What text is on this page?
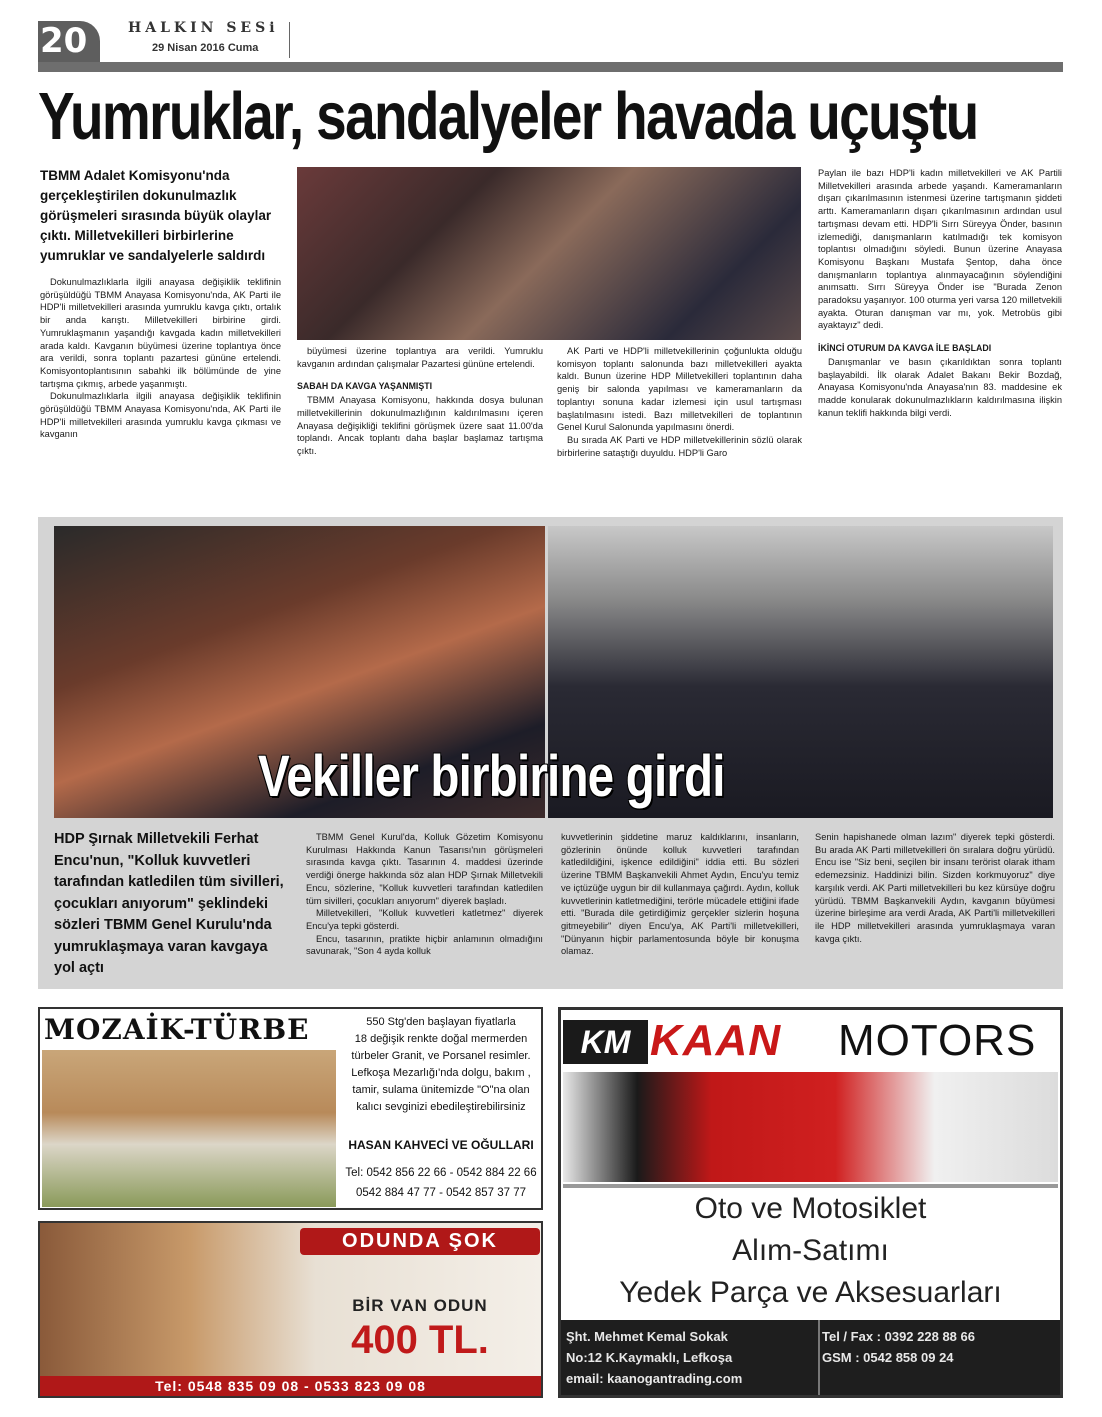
20	HALKIN SESi
29 Nisan 2016 Cuma
Yumruklar, sandalyeler havada uçuştu
TBMM Adalet Komisyonu'nda gerçekleştirilen dokunulmazlık görüşmeleri sırasında büyük olaylar çıktı. Milletvekilleri birbirlerine yumruklar ve sandalyelerle saldırdı

Dokunulmazlıklarla ilgili anayasa değişiklik teklifinin görüşüldüğü TBMM Anayasa Komisyonu'nda, AK Parti ile HDP'li milletvekilleri arasında yumruklu kavga çıktı, ortalık bir anda karıştı. Milletvekilleri birbirine girdi. Yumruklaşmanın yaşandığı kavgada kadın milletvekilleri arada kaldı. Kavganın büyümesi üzerine toplantıya önce ara verildi, sonra toplantı pazartesi gününe ertelendi. Komisyontoplantısının sabahki ilk bölümünde de yine tartışma çıkmış, arbede yaşanmıştı.

Dokunulmazlıklarla ilgili anayasa değişiklik teklifinin görüşüldüğü TBMM Anayasa Komisyonu'nda, AK Parti ile HDP'li milletvekilleri arasında yumruklu kavga çıkması ve kavganın

büyümesi üzerine toplantıya ara verildi. Yumruklu kavganın ardından çalışmalar Pazartesi gününe ertelendi.

SABAH DA KAVGA YAŞANMIŞTI

TBMM Anayasa Komisyonu, hakkında dosya bulunan milletvekillerinin dokunulmazlığının kaldırılmasını içeren Anayasa değişikliği teklifini görüşmek üzere saat 11.00'da toplandı. Ancak toplantı daha başlar başlamaz tartışma çıktı.

AK Parti ve HDP'li milletvekillerinin çoğunlukta olduğu komisyon toplantı salonunda bazı milletvekilleri ayakta kaldı. Bunun üzerine HDP Milletvekilleri toplantının daha geniş bir salonda yapılması ve kameramanların da toplantıyı sonuna kadar izlemesi için usul tartışması başlatılmasını istedi. Bazı milletvekilleri de toplantının Genel Kurul Salonunda yapılmasını önerdi.

Bu sırada AK Parti ve HDP milletvekillerinin sözlü olarak birbirlerine sataştığı duyuldu. HDP'li Garo

Paylan ile bazı HDP'li kadın milletvekilleri ve AK Partili Milletvekilleri arasında arbede yaşandı. Kameramanların dışarı çıkarılmasının istenmesi üzerine tartışmanın şiddeti arttı. Kameramanların dışarı çıkarılmasının ardından usul tartışması devam etti. HDP'li Sırrı Süreyya Önder, basının izlemediği, danışmanların katılmadığı tek komisyon toplantısı olmadığını söyledi. Bunun üzerine Anayasa Komisyonu Başkanı Mustafa Şentop, daha önce danışmanların toplantıya alınmayacağının söylendiğini anımsattı. Sırrı Süreyya Önder ise "Burada Zenon paradoksu yaşanıyor. 100 oturma yeri varsa 120 milletvekili ayakta. Oturan danışman var mı, yok. Metrobüs gibi ayaktayız" dedi.

İKİNCİ OTURUM DA KAVGA İLE BAŞLADI

Danışmanlar ve basın çıkarıldıktan sonra toplantı başlayabildi. İlk olarak Adalet Bakanı Bekir Bozdağ, Anayasa Komisyonu'nda Anayasa'nın 83. maddesine ek madde konularak dokunulmazlıkların kaldırılmasına ilişkin kanun teklifi hakkında bilgi verdi.

Vekiller birbirine girdi
HDP Şırnak Milletvekili Ferhat Encu'nun, "Kolluk kuvvetleri tarafından katledilen tüm sivilleri, çocukları anıyorum" şeklindeki sözleri TBMM Genel Kurulu'nda yumruklaşmaya varan kavgaya yol açtı

TBMM Genel Kurul'da, Kolluk Gözetim Komisyonu Kurulması Hakkında Kanun Tasarısı'nın görüşmeleri sırasında kavga çıktı. Tasarının 4. maddesi üzerinde verdiği önerge hakkında söz alan HDP Şırnak Milletvekili Encu, sözlerine, "Kolluk kuvvetleri tarafından katledilen tüm sivilleri, çocukları anıyorum" diyerek başladı.

Milletvekilleri, "Kolluk kuvvetleri katletmez" diyerek Encu'ya tepki gösterdi.

Encu, tasarının, pratikte hiçbir anlamının olmadığını savunarak, "Son 4 ayda kolluk

kuvvetlerinin şiddetine maruz kaldıklarını, insanların, gözlerinin önünde kolluk kuvvetleri tarafından katledildiğini, işkence edildiğini" iddia etti. Bu sözleri üzerine TBMM Başkanvekili Ahmet Aydın, Encu'yu temiz ve içtüzüğe uygun bir dil kullanmaya çağırdı. Aydın, kolluk kuvvetlerinin katletmediğini, terörle mücadele ettiğini ifade etti. "Burada dile getirdiğimiz gerçekler sizlerin hoşuna gitmeyebilir" diyen Encu'ya, AK Parti'li milletvekilleri, "Dünyanın hiçbir parlamentosunda böyle bir konuşma olamaz.

Senin hapishanede olman lazım" diyerek tepki gösterdi. Bu arada AK Parti milletvekilleri ön sıralara doğru yürüdü. Encu ise "Siz beni, seçilen bir insanı terörist olarak itham edemezsiniz. Haddinizi bilin. Sizden korkmuyoruz" diye karşılık verdi. AK Parti milletvekilleri bu kez kürsüye doğru yürüdü. TBMM Başkanvekili Aydın, kavganın büyümesi üzerine birleşime ara verdi Arada, AK Parti'li milletvekilleri ile HDP milletvekilleri arasında yumruklaşmaya varan kavga çıktı.

MOZAİK-TÜRBE	550 Stg'den başlayan fiyatlarla
18 değişik renkte doğal mermerden
türbeler Granit, ve Porsanel resimler.
Lefkoşa Mezarlığı'nda dolgu, bakım ,
tamir, sulama ünitemizde "O"na olan
kalıcı sevginizi ebedileştirebilirsiniz
HASAN KAHVECİ VE OĞULLARI
Tel: 0542 856 22 66 - 0542 884 22 66
0542 884 47 77 - 0542 857 37 77
ODUNDA ŞOK
BİR VAN ODUN
400 TL.
Tel: 0548 835 09 08 - 0533 823 09 08
KM KAAN MOTORS
Oto ve Motosiklet
Alım-Satımı
Yedek Parça ve Aksesuarları
Şht. Mehmet Kemal Sokak
No:12 K.Kaymaklı, Lefkoşa
email: kaanogantrading.com
Tel / Fax : 0392 228 88 66
GSM : 0542 858 09 24
